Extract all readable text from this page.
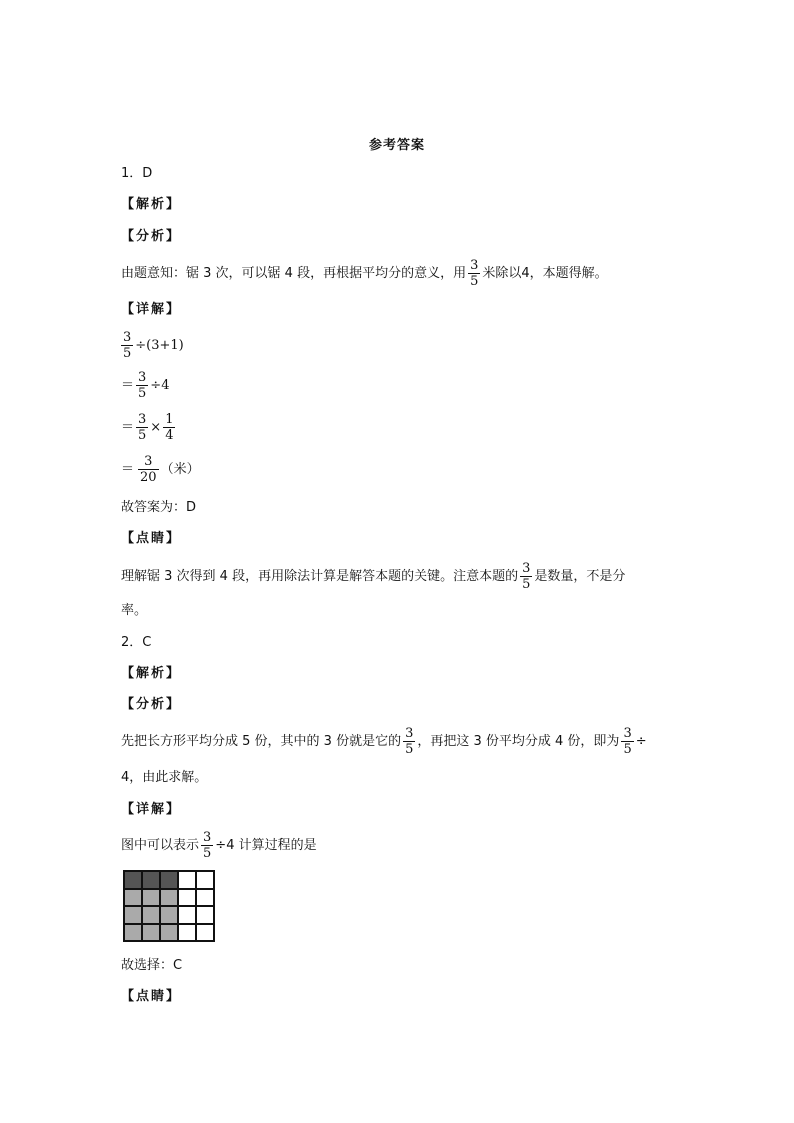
参考答案
1．D
【解析】
【分析】
由题意知：锯 3 次，可以锯 4 段，再根据平均分的意义，用 $\frac{3}{5}$ 米除以4，本题得解。
【详解】
$\frac{3}{5} \div(3+1)$
＝ $\frac{3}{5} \div 4$
＝ $\frac{3}{5} \times \frac{1}{4}$
＝ $\frac{3}{20}$ （米）
故答案为：D
【点睛】
理解锯 3 次得到 4 段，再用除法计算是解答本题的关键。注意本题的 $\frac{3}{5}$ 是数量，不是分
率。
2．C
【解析】
【分析】
先把长方形平均分成 5 份，其中的 3 份就是它的 $\frac{3}{5}$ ，再把这 3 份平均分成 4 份，即为 $\frac{3}{5}$ ÷
4，由此求解。
【详解】
图中可以表示 $\frac{3}{5} \div 4$ 计算过程的是
故选择：C
【点睛】
